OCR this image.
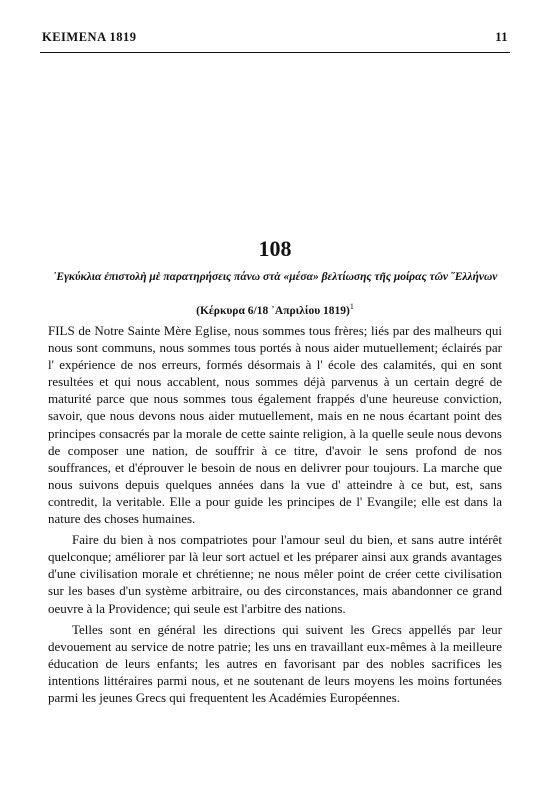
KEIMENA 1819	11
108
᾿Εγκύκλια ἐπιστολὴ μὲ παρατηρήσεις πάνω στὰ «μέσα» βελτίωσης τῆς μοίρας τῶν ῞Ελλήνων
(Κέρκυρα 6/18 ᾿Απριλίου 1819)$^1$

FILS de Notre Sainte Mère Eglise, nous sommes tous frères; liés par des malheurs qui nous sont communs, nous sommes tous portés à nous aider mutuellement; éclairés par l' expérience de nos erreurs, formés désormais à l' école des calamités, qui en sont resultées et qui nous accablent, nous sommes déjà parvenus à un certain degré de maturité parce que nous sommes tous également frappés d'une heureuse conviction, savoir, que nous devons nous aider mutuellement, mais en ne nous écartant point des principes consacrés par la morale de cette sainte religion, à la quelle seule nous devons de composer une nation, de souffrir à ce titre, d'avoir le sens profond de nos souffrances, et d'éprouver le besoin de nous en delivrer pour toujours. La marche que nous suivons depuis quelques années dans la vue d' atteindre à ce but, est, sans contredit, la veritable. Elle a pour guide les principes de l' Evangile; elle est dans la nature des choses humaines.

Faire du bien à nos compatriotes pour l'amour seul du bien, et sans autre intérêt quelconque; améliorer par là leur sort actuel et les préparer ainsi aux grands avantages d'une civilisation morale et chrétienne; ne nous mêler point de créer cette civilisation sur les bases d'un système arbitraire, ou des circonstances, mais abandonner ce grand oeuvre à la Providence; qui seule est l'arbitre des nations.

Telles sont en général les directions qui suivent les Grecs appellés par leur devouement au service de notre patrie; les uns en travaillant eux-mêmes à la meilleure éducation de leurs enfants; les autres en favorisant par des nobles sacrifices les intentions littéraires parmi nous, et ne soutenant de leurs moyens les moins fortunées parmi les jeunes Grecs qui frequentent les Académies Européennes.
